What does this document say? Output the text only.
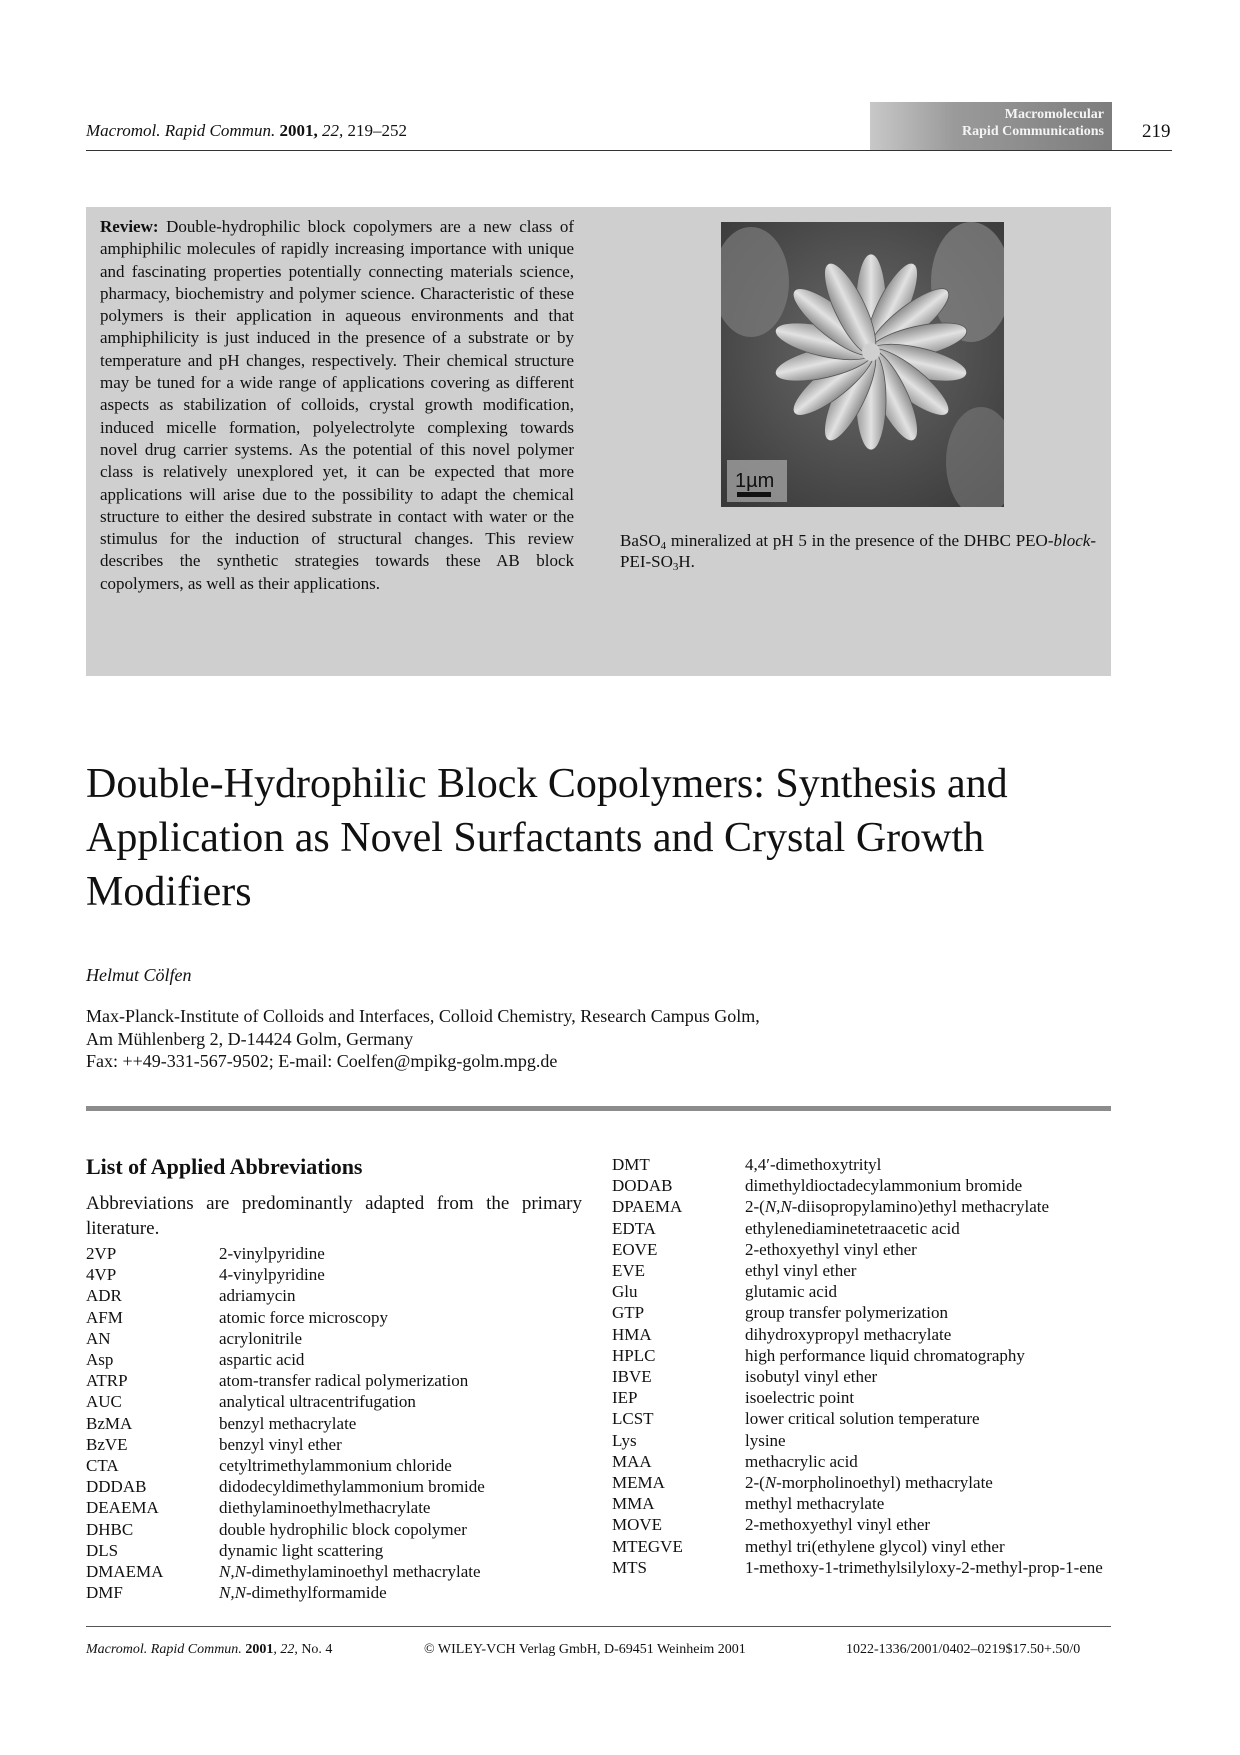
Macromol. Rapid Commun. 2001, 22, 219–252
Macromolecular
Rapid Communications 219
Review: Double-hydrophilic block copolymers are a new class of amphiphilic molecules of rapidly increasing importance with unique and fascinating properties potentially connecting materials science, pharmacy, biochemistry and polymer science. Characteristic of these polymers is their application in aqueous environments and that amphiphilicity is just induced in the presence of a substrate or by temperature and pH changes, respectively. Their chemical structure may be tuned for a wide range of applications covering as different aspects as stabilization of colloids, crystal growth modification, induced micelle formation, polyelectrolyte complexing towards novel drug carrier systems. As the potential of this novel polymer class is relatively unexplored yet, it can be expected that more applications will arise due to the possibility to adapt the chemical structure to either the desired substrate in contact with water or the stimulus for the induction of structural changes. This review describes the synthetic strategies towards these AB block copolymers, as well as their applications.
1µm
BaSO$_4$ mineralized at pH 5 in the presence of the DHBC PEO-$block-PEI-SO_3H$.
Double-Hydrophilic Block Copolymers: Synthesis and Application as Novel Surfactants and Crystal Growth Modifiers
Helmut Cölfen
Max-Planck-Institute of Colloids and Interfaces, Colloid Chemistry, Research Campus Golm,
Am Mühlenberg 2, D-14424 Golm, Germany
Fax: ++49-331-567-9502; E-mail: Coelfen@mpikg-golm.mpg.de
List of Applied Abbreviations
Abbreviations are predominantly adapted from the primary literature.
2VP	2-vinylpyridine
4VP	4-vinylpyridine
ADR	adriamycin
AFM	atomic force microscopy
AN	acrylonitrile
Asp	aspartic acid
ATRP	atom-transfer radical polymerization
AUC	analytical ultracentrifugation
BzMA	benzyl methacrylate
BzVE	benzyl vinyl ether
CTA	cetyltrimethylammonium chloride
DDDAB	didodecyldimethylammonium bromide
DEAEMA	diethylaminoethylmethacrylate
DHBC	double hydrophilic block copolymer
DLS	dynamic light scattering
DMAEMA	N,N-dimethylaminoethyl methacrylate
DMF	N,N-dimethylformamide
DMT	4,4′-dimethoxytrityl
DODAB	dimethyldioctadecylammonium bromide
DPAEMA	2-(N,N-diisopropylamino)ethyl methacrylate
EDTA	ethylenediaminetetraacetic acid
EOVE	2-ethoxyethyl vinyl ether
EVE	ethyl vinyl ether
Glu	glutamic acid
GTP	group transfer polymerization
HMA	dihydroxypropyl methacrylate
HPLC	high performance liquid chromatography
IBVE	isobutyl vinyl ether
IEP	isoelectric point
LCST	lower critical solution temperature
Lys	lysine
MAA	methacrylic acid
MEMA	2-(N-morpholinoethyl) methacrylate
MMA	methyl methacrylate
MOVE	2-methoxyethyl vinyl ether
MTEGVE	methyl tri(ethylene glycol) vinyl ether
MTS	1-methoxy-1-trimethylsilyloxy-2-methyl-prop-1-ene
Macromol. Rapid Commun. 2001, 22, No. 4	© WILEY-VCH Verlag GmbH, D-69451 Weinheim 2001	1022-1336/2001/0402–0219$17.50+.50/0
